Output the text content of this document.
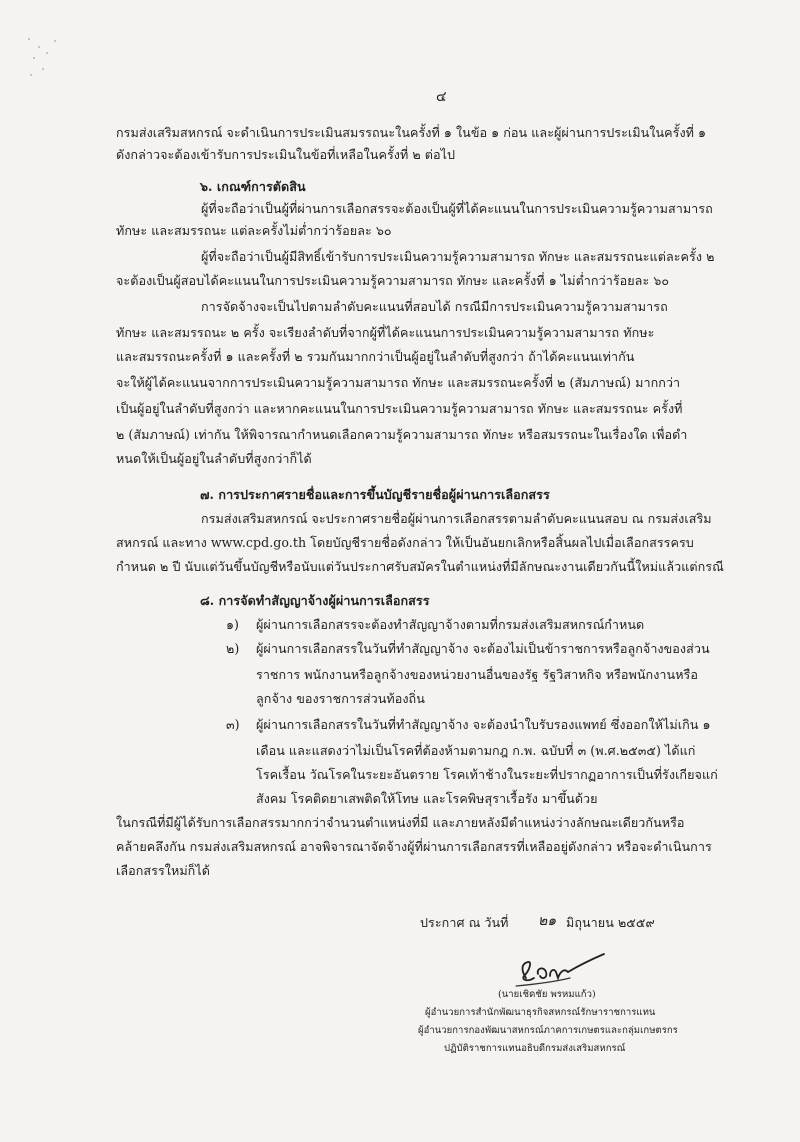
๔
กรมส่งเสริมสหกรณ์ จะดำเนินการประเมินสมรรถนะในครั้งที่ ๑ ในข้อ ๑ ก่อน และผู้ผ่านการประเมินในครั้งที่ ๑
ดังกล่าวจะต้องเข้ารับการประเมินในข้อที่เหลือในครั้งที่ ๒ ต่อไป
๖. เกณฑ์การตัดสิน
ผู้ที่จะถือว่าเป็นผู้ที่ผ่านการเลือกสรรจะต้องเป็นผู้ที่ได้คะแนนในการประเมินความรู้ความสามารถ
ทักษะ และสมรรถนะ แต่ละครั้งไม่ต่ำกว่าร้อยละ ๖๐
ผู้ที่จะถือว่าเป็นผู้มีสิทธิ์เข้ารับการประเมินความรู้ความสามารถ ทักษะ และสมรรถนะแต่ละครั้ง ๒
จะต้องเป็นผู้สอบได้คะแนนในการประเมินความรู้ความสามารถ ทักษะ และครั้งที่ ๑ ไม่ต่ำกว่าร้อยละ ๖๐
การจัดจ้างจะเป็นไปตามลำดับคะแนนที่สอบได้ กรณีมีการประเมินความรู้ความสามารถ
ทักษะ และสมรรถนะ ๒ ครั้ง จะเรียงลำดับที่จากผู้ที่ได้คะแนนการประเมินความรู้ความสามารถ ทักษะ
และสมรรถนะครั้งที่ ๑ และครั้งที่ ๒ รวมกันมากกว่าเป็นผู้อยู่ในลำดับที่สูงกว่า ถ้าได้คะแนนเท่ากัน
จะให้ผู้ได้คะแนนจากการประเมินความรู้ความสามารถ ทักษะ และสมรรถนะครั้งที่ ๒ (สัมภาษณ์) มากกว่า
เป็นผู้อยู่ในลำดับที่สูงกว่า และหากคะแนนในการประเมินความรู้ความสามารถ ทักษะ และสมรรถนะ ครั้งที่
๒ (สัมภาษณ์) เท่ากัน ให้พิจารณากำหนดเลือกความรู้ความสามารถ ทักษะ หรือสมรรถนะในเรื่องใด เพื่อดำ
หนดให้เป็นผู้อยู่ในลำดับที่สูงกว่าก็ได้
๗. การประกาศรายชื่อและการขึ้นบัญชีรายชื่อผู้ผ่านการเลือกสรร
กรมส่งเสริมสหกรณ์ จะประกาศรายชื่อผู้ผ่านการเลือกสรรตามลำดับคะแนนสอบ ณ กรมส่งเสริม
สหกรณ์ และทาง www.cpd.go.th โดยบัญชีรายชื่อดังกล่าว ให้เป็นอันยกเลิกหรือสิ้นผลไปเมื่อเลือกสรรครบ
กำหนด ๒ ปี นับแต่วันขึ้นบัญชีหรือนับแต่วันประกาศรับสมัครในตำแหน่งที่มีลักษณะงานเดียวกันนี้ใหม่แล้วแต่กรณี
๘. การจัดทำสัญญาจ้างผู้ผ่านการเลือกสรร
๑) ผู้ผ่านการเลือกสรรจะต้องทำสัญญาจ้างตามที่กรมส่งเสริมสหกรณ์กำหนด
๒) ผู้ผ่านการเลือกสรรในวันที่ทำสัญญาจ้าง จะต้องไม่เป็นข้าราชการหรือลูกจ้างของส่วน
ราชการ พนักงานหรือลูกจ้างของหน่วยงานอื่นของรัฐ รัฐวิสาหกิจ หรือพนักงานหรือ
ลูกจ้าง ของราชการส่วนท้องถิ่น
๓) ผู้ผ่านการเลือกสรรในวันที่ทำสัญญาจ้าง จะต้องนำใบรับรองแพทย์ ซึ่งออกให้ไม่เกิน ๑
เดือน และแสดงว่าไม่เป็นโรคที่ต้องห้ามตามกฎ ก.พ. ฉบับที่ ๓ (พ.ศ.๒๕๓๕) ได้แก่
โรคเรื้อน วัณโรคในระยะอันตราย โรคเท้าช้างในระยะที่ปรากฏอาการเป็นที่รังเกียจแก่
สังคม โรคติดยาเสพติดให้โทษ และโรคพิษสุราเรื้อรัง มาขึ้นด้วย
ในกรณีที่มีผู้ได้รับการเลือกสรรมากกว่าจำนวนตำแหน่งที่มี และภายหลังมีตำแหน่งว่างลักษณะเดียวกันหรือ
คล้ายคลึงกัน กรมส่งเสริมสหกรณ์ อาจพิจารณาจัดจ้างผู้ที่ผ่านการเลือกสรรที่เหลืออยู่ดังกล่าว หรือจะดำเนินการ
เลือกสรรใหม่ก็ได้
ประกาศ ณ วันที่ ๒๑ มิถุนายน ๒๕๕๙
(นายเชิดชัย พรหมแก้ว)
ผู้อำนวยการสำนักพัฒนาธุรกิจสหกรณ์รักษาราชการแทน
ผู้อำนวยการกองพัฒนาสหกรณ์ภาคการเกษตรและกลุ่มเกษตรกร
ปฏิบัติราชการแทนอธิบดีกรมส่งเสริมสหกรณ์
